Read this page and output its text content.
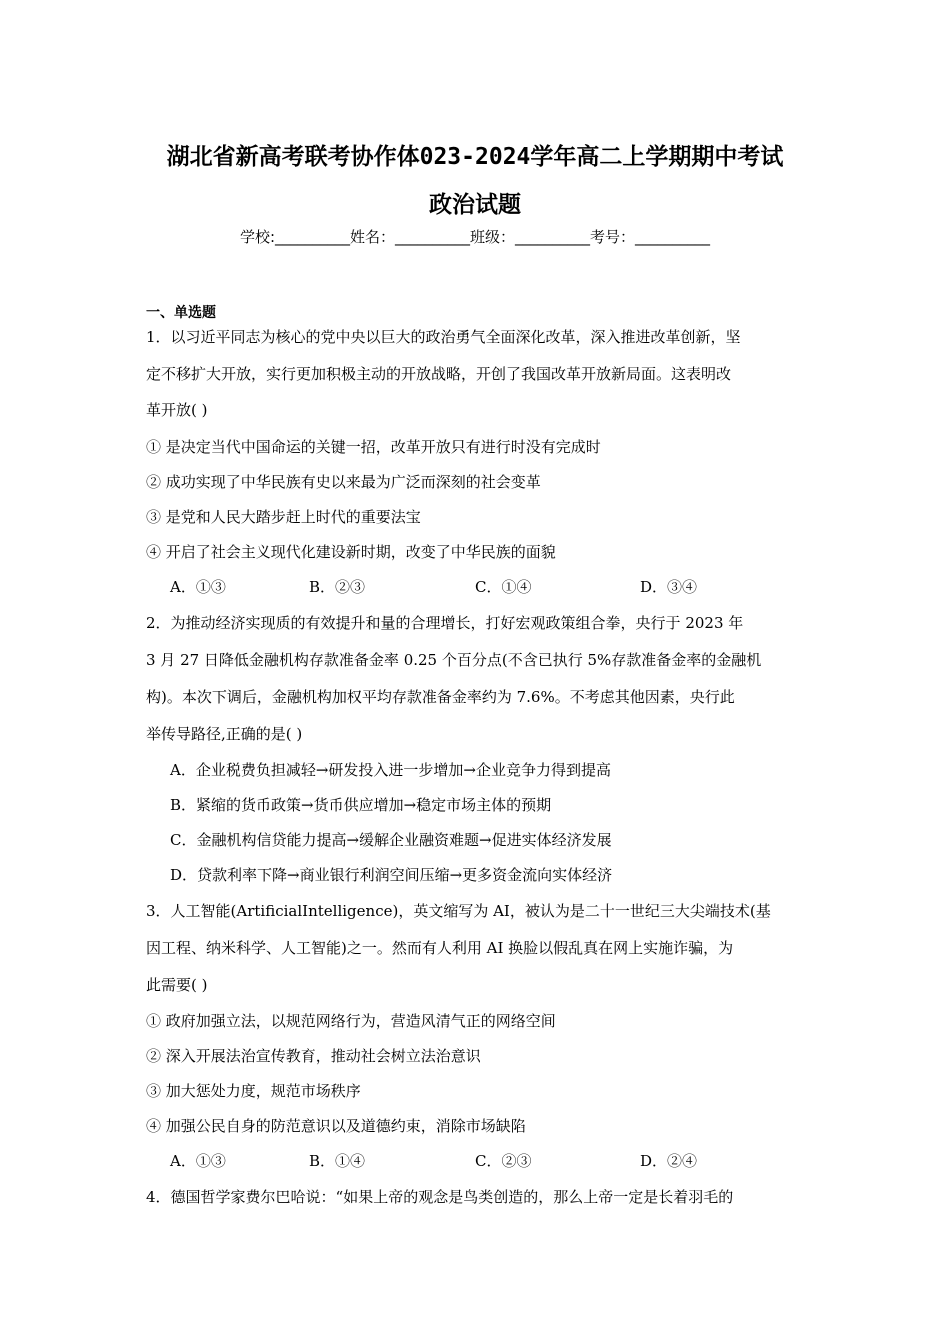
湖北省新高考联考协作体023-2024学年高二上学期期中考试
政治试题
学校:__________姓名：__________班级：__________考号：__________
一、单选题
1．以习近平同志为核心的党中央以巨大的政治勇气全面深化改革，深入推进改革创新，坚
定不移扩大开放，实行更加积极主动的开放战略，开创了我国改革开放新局面。这表明改
革开放( )
① 是决定当代中国命运的关键一招，改革开放只有进行时没有完成时
② 成功实现了中华民族有史以来最为广泛而深刻的社会变革
③ 是党和人民大踏步赶上时代的重要法宝
④ 开启了社会主义现代化建设新时期，改变了中华民族的面貌
A．①③	B．②③	C．①④	D．③④
2．为推动经济实现质的有效提升和量的合理增长，打好宏观政策组合拳，央行于 2023 年
3 月 27 日降低金融机构存款准备金率 0.25 个百分点(不含已执行 5%存款准备金率的金融机
构)。本次下调后，金融机构加权平均存款准备金率约为 7.6%。不考虑其他因素，央行此
举传导路径,正确的是( )
A．企业税费负担减轻→研发投入进一步增加→企业竞争力得到提高
B．紧缩的货币政策→货币供应增加→稳定市场主体的预期
C．金融机构信贷能力提高→缓解企业融资难题→促进实体经济发展
D．贷款利率下降→商业银行利润空间压缩→更多资金流向实体经济
3．人工智能(ArtificialIntelligence)，英文缩写为 AI，被认为是二十一世纪三大尖端技术(基
因工程、纳米科学、人工智能)之一。然而有人利用 AI 换脸以假乱真在网上实施诈骗，为
此需要( )
① 政府加强立法，以规范网络行为，营造风清气正的网络空间
② 深入开展法治宣传教育，推动社会树立法治意识
③ 加大惩处力度，规范市场秩序
④ 加强公民自身的防范意识以及道德约束，消除市场缺陷
A．①③	B．①④	C．②③	D．②④
4．德国哲学家费尔巴哈说：“如果上帝的观念是鸟类创造的，那么上帝一定是长着羽毛的
